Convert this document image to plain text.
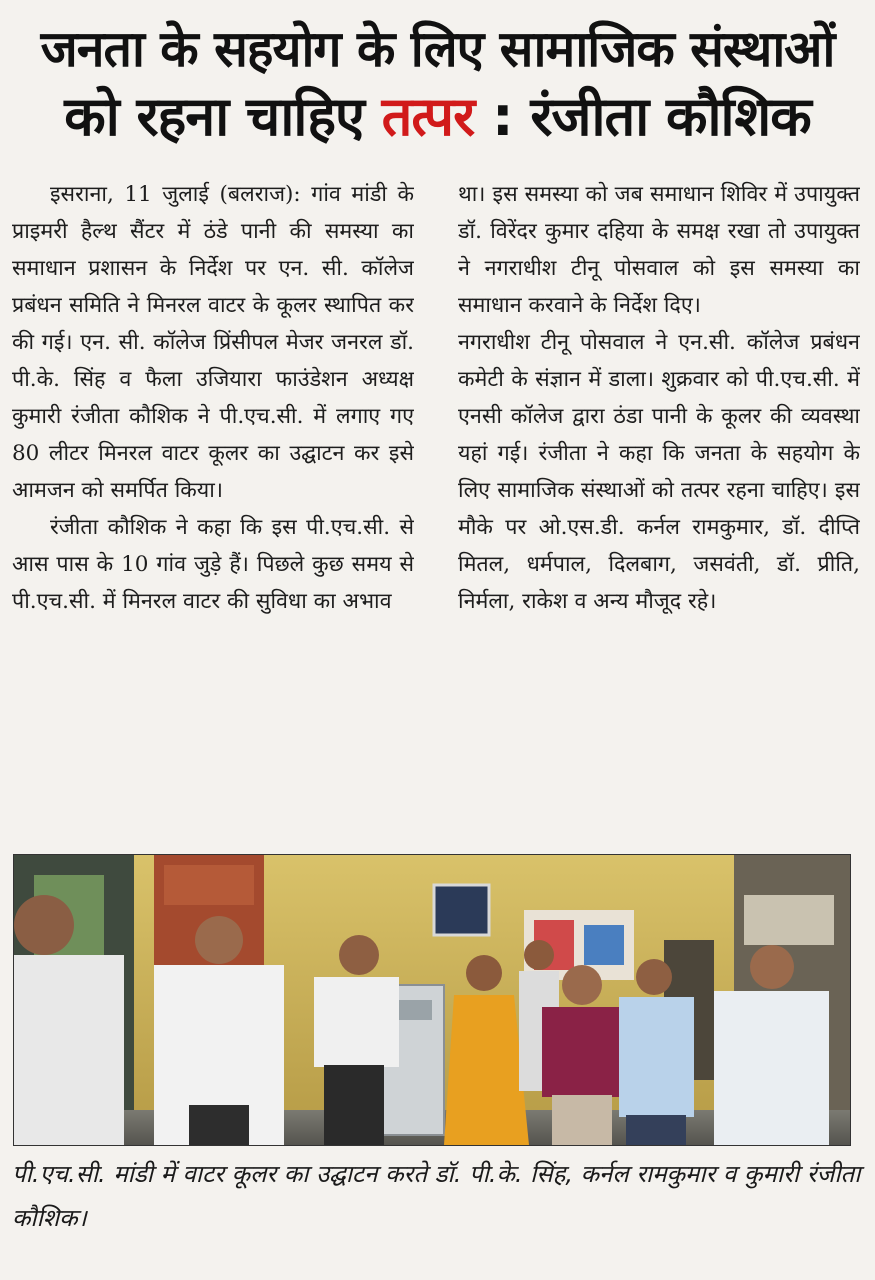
जनता के सहयोग के लिए सामाजिक संस्थाओं
को रहना चाहिए तत्पर : रंजीता कौशिक

इसराना, 11 जुलाई (बलराज): गांव मांडी के प्राइमरी हैल्थ सैंटर में ठंडे पानी की समस्या का समाधान प्रशासन के निर्देश पर एन. सी. कॉलेज प्रबंधन समिति ने मिनरल वाटर के कूलर स्थापित कर की गई। एन. सी. कॉलेज प्रिंसीपल मेजर जनरल डॉ. पी.के. सिंह व फैला उजियारा फाउंडेशन अध्यक्ष कुमारी रंजीता कौशिक ने पी.एच.सी. में लगाए गए 80 लीटर मिनरल वाटर कूलर का उद्घाटन कर इसे आमजन को समर्पित किया।

रंजीता कौशिक ने कहा कि इस पी.एच.सी. से आस पास के 10 गांव जुड़े हैं। पिछले कुछ समय से पी.एच.सी. में मिनरल वाटर की सुविधा का अभाव

था। इस समस्या को जब समाधान शिविर में उपायुक्त डॉ. विरेंदर कुमार दहिया के समक्ष रखा तो उपायुक्त ने नगराधीश टीनू पोसवाल को इस समस्या का समाधान करवाने के निर्देश दिए।

नगराधीश टीनू पोसवाल ने एन.सी. कॉलेज प्रबंधन कमेटी के संज्ञान में डाला। शुक्रवार को पी.एच.सी. में एनसी कॉलेज द्वारा ठंडा पानी के कूलर की व्यवस्था यहां गई। रंजीता ने कहा कि जनता के सहयोग के लिए सामाजिक संस्थाओं को तत्पर रहना चाहिए। इस मौके पर ओ.एस.डी. कर्नल रामकुमार, डॉ. दीप्ति मितल, धर्मपाल, दिलबाग, जसवंती, डॉ. प्रीति, निर्मला, राकेश व अन्य मौजूद रहे।

पी.एच.सी. मांडी में वाटर कूलर का उद्घाटन करते डॉ. पी.के. सिंह, कर्नल रामकुमार व कुमारी रंजीता कौशिक।
